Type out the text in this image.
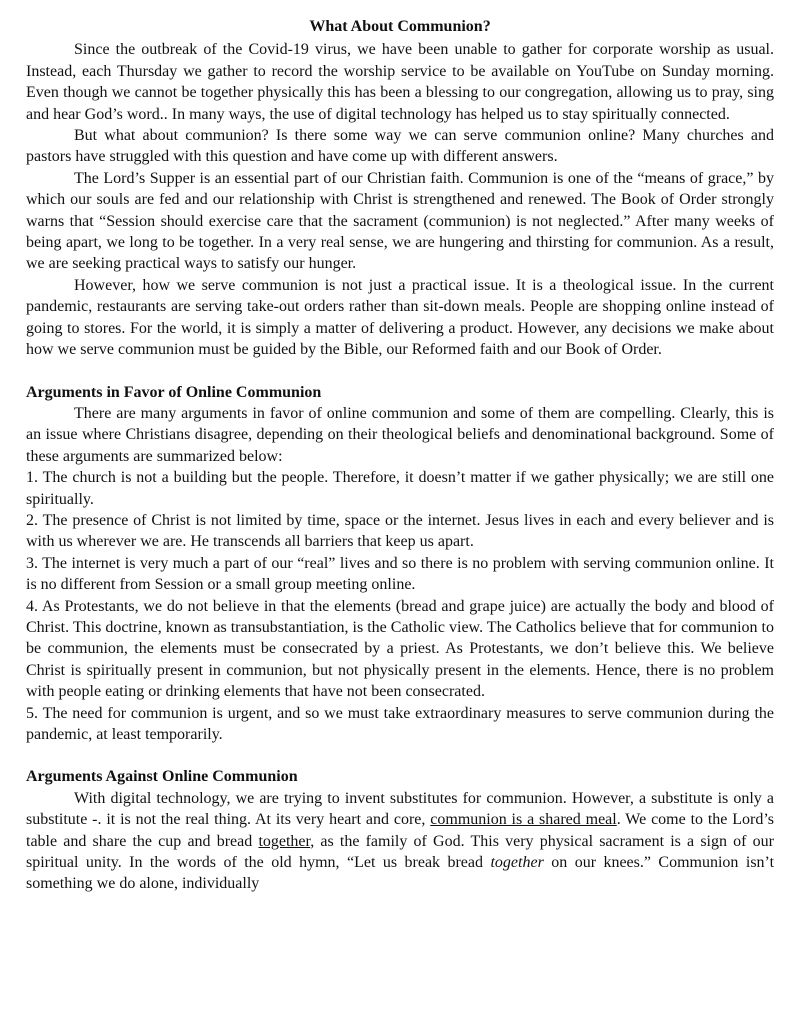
What About Communion?

Since the outbreak of the Covid-19 virus, we have been unable to gather for corporate worship as usual. Instead, each Thursday we gather to record the worship service to be available on YouTube on Sunday morning. Even though we cannot be together physically this has been a blessing to our congregation, allowing us to pray, sing and hear God’s word.. In many ways, the use of digital technology has helped us to stay spiritually connected.

But what about communion? Is there some way we can serve communion online? Many churches and pastors have struggled with this question and have come up with different answers.

The Lord’s Supper is an essential part of our Christian faith. Communion is one of the “means of grace,” by which our souls are fed and our relationship with Christ is strengthened and renewed. The Book of Order strongly warns that “Session should exercise care that the sacrament (communion) is not neglected.” After many weeks of being apart, we long to be together. In a very real sense, we are hungering and thirsting for communion. As a result, we are seeking practical ways to satisfy our hunger.

However, how we serve communion is not just a practical issue. It is a theological issue. In the current pandemic, restaurants are serving take-out orders rather than sit-down meals. People are shopping online instead of going to stores. For the world, it is simply a matter of delivering a product. However, any decisions we make about how we serve communion must be guided by the Bible, our Reformed faith and our Book of Order.

Arguments in Favor of Online Communion

There are many arguments in favor of online communion and some of them are compelling. Clearly, this is an issue where Christians disagree, depending on their theological beliefs and denominational background. Some of these arguments are summarized below:

1. The church is not a building but the people. Therefore, it doesn’t matter if we gather physically; we are still one spiritually.

2. The presence of Christ is not limited by time, space or the internet. Jesus lives in each and every believer and is with us wherever we are. He transcends all barriers that keep us apart.

3. The internet is very much a part of our “real” lives and so there is no problem with serving communion online. It is no different from Session or a small group meeting online.

4. As Protestants, we do not believe in that the elements (bread and grape juice) are actually the body and blood of Christ. This doctrine, known as transubstantiation, is the Catholic view. The Catholics believe that for communion to be communion, the elements must be consecrated by a priest. As Protestants, we don’t believe this. We believe Christ is spiritually present in communion, but not physically present in the elements. Hence, there is no problem with people eating or drinking elements that have not been consecrated.

5. The need for communion is urgent, and so we must take extraordinary measures to serve communion during the pandemic, at least temporarily.

Arguments Against Online Communion

With digital technology, we are trying to invent substitutes for communion. However, a substitute is only a substitute -. it is not the real thing. At its very heart and core, communion is a shared meal. We come to the Lord’s table and share the cup and bread together, as the family of God. This very physical sacrament is a sign of our spiritual unity. In the words of the old hymn, “Let us break bread together on our knees.” Communion isn’t something we do alone, individually
